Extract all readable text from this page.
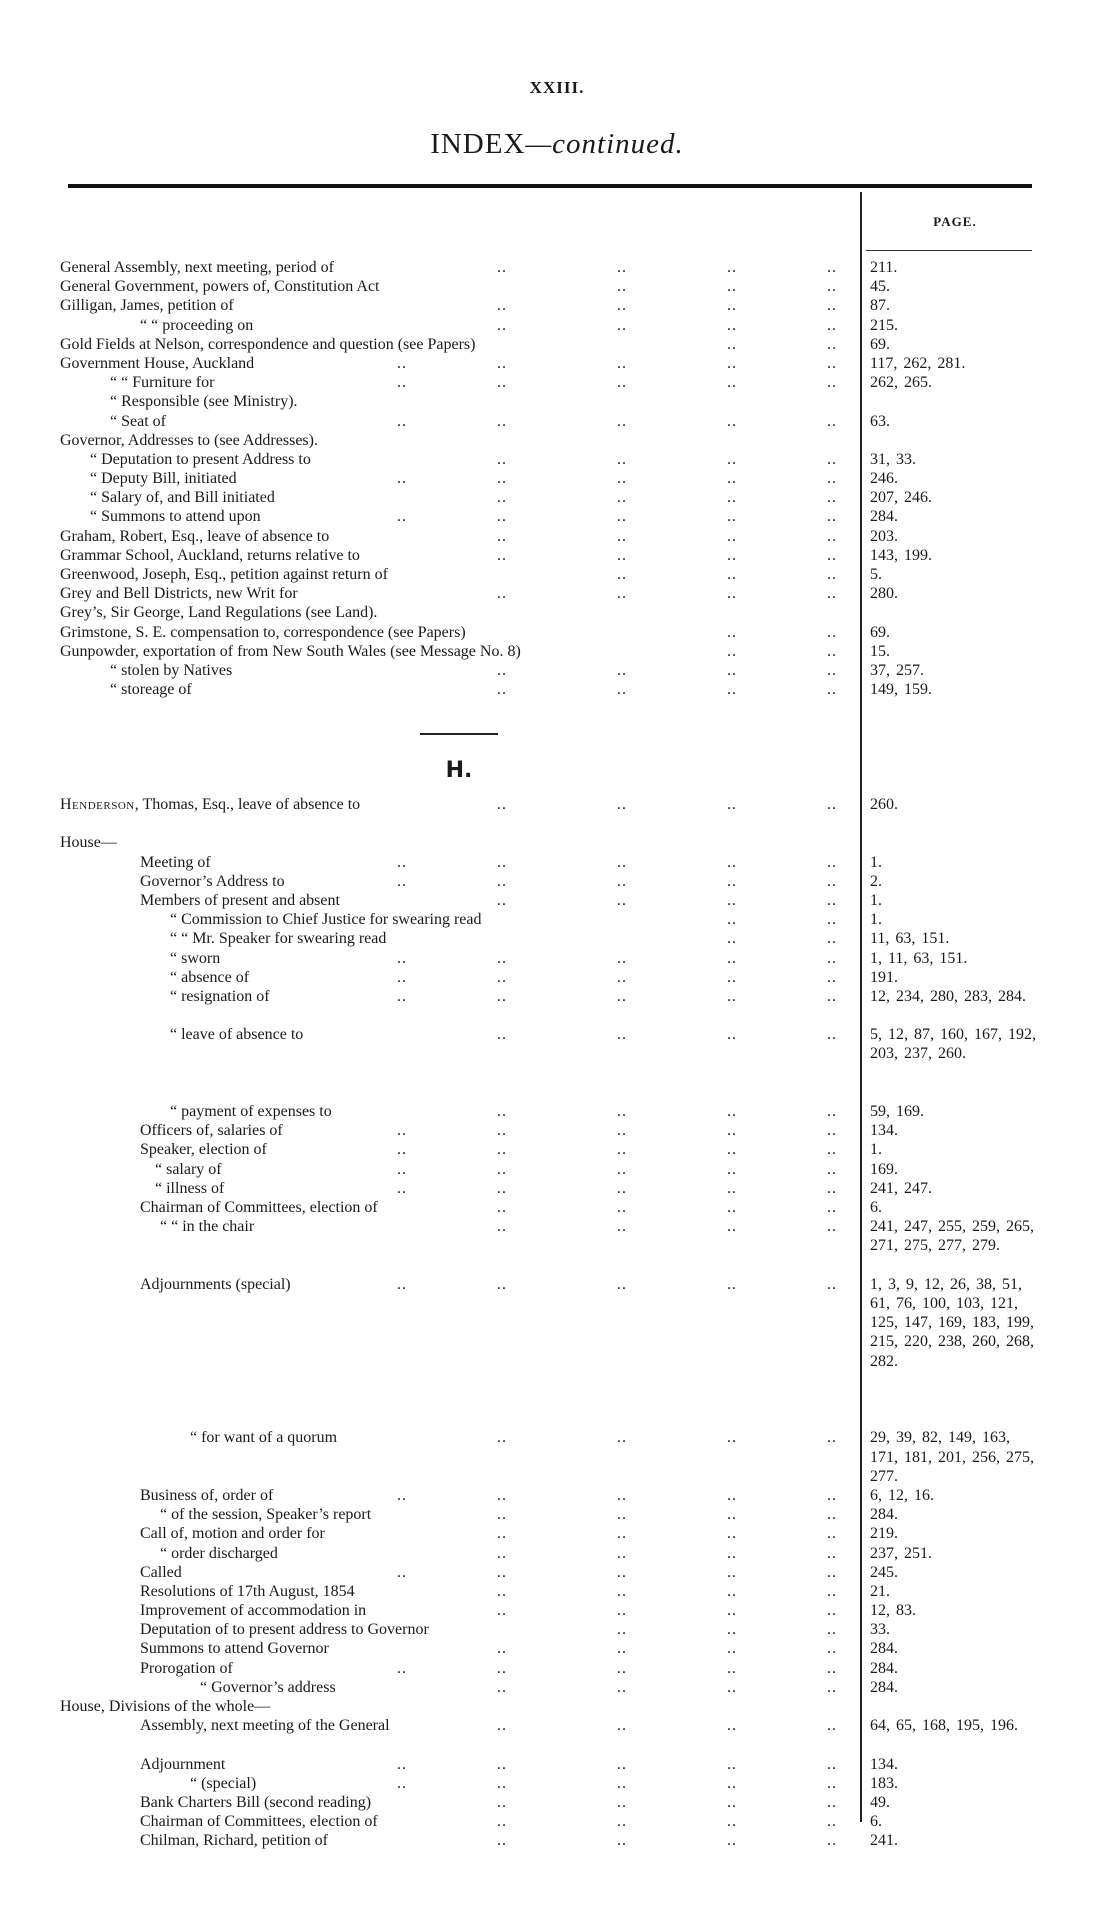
XXIII.
INDEX—continued.
PAGE.
General Assembly, next meeting, period of	..	..	..	..	211.
General Government, powers of, Constitution Act	..	..	..	45.
Gilligan, James, petition of	..	..	..	..	87.
“ “ proceeding on	..	..	..	..	215.
Gold Fields at Nelson, correspondence and question (see Papers)	..	..	69.
Government House, Auckland	..	..	..	..	..	117, 262, 281.
“ “ Furniture for	..	..	..	..	..	262, 265.
“ Responsible (see Ministry).
“ Seat of	..	..	..	..	..	63.
Governor, Addresses to (see Addresses).
“ Deputation to present Address to	..	..	..	..	31, 33.
“ Deputy Bill, initiated	..	..	..	..	..	246.
“ Salary of, and Bill initiated	..	..	..	..	207, 246.
“ Summons to attend upon	..	..	..	..	..	284.
Graham, Robert, Esq., leave of absence to	..	..	..	..	203.
Grammar School, Auckland, returns relative to	..	..	..	..	143, 199.
Greenwood, Joseph, Esq., petition against return of	..	..	..	5.
Grey and Bell Districts, new Writ for	..	..	..	..	280.
Grey’s, Sir George, Land Regulations (see Land).
Grimstone, S. E. compensation to, correspondence (see Papers)	..	..	69.
Gunpowder, exportation of from New South Wales (see Message No. 8)	..	..	15.
“ stolen by Natives	..	..	..	..	37, 257.
“ storeage of	..	..	..	..	149, 159.
H.
Henderson, Thomas, Esq., leave of absence to	..	..	..	..	260.
House—
Meeting of	..	..	..	..	..	1.
Governor’s Address to	..	..	..	..	..	2.
Members of present and absent	..	..	..	..	1.
“ Commission to Chief Justice for swearing read	..	..	1.
“ “ Mr. Speaker for swearing read	..	..	11, 63, 151.
“ sworn	..	..	..	..	..	1, 11, 63, 151.
“ absence of	..	..	..	..	..	191.
“ resignation of	..	..	..	..	..	12, 234, 280, 283, 284.
“ leave of absence to	..	..	..	..	5, 12, 87, 160, 167, 192, 203, 237, 260.
“ payment of expenses to	..	..	..	..	59, 169.
Officers of, salaries of	..	..	..	..	..	134.
Speaker, election of	..	..	..	..	..	1.
“ salary of	..	..	..	..	..	169.
“ illness of	..	..	..	..	..	241, 247.
Chairman of Committees, election of	..	..	..	..	6.
“ “ in the chair	..	..	..	..	241, 247, 255, 259, 265, 271, 275, 277, 279.
Adjournments (special)	..	..	..	..	..	1, 3, 9, 12, 26, 38, 51, 61, 76, 100, 103, 121, 125, 147, 169, 183, 199, 215, 220, 238, 260, 268, 282.
“ for want of a quorum	..	..	..	..	29, 39, 82, 149, 163, 171, 181, 201, 256, 275, 277.
Business of, order of	..	..	..	..	..	6, 12, 16.
“ of the session, Speaker’s report	..	..	..	..	284.
Call of, motion and order for	..	..	..	..	219.
“ order discharged	..	..	..	..	237, 251.
Called	..	..	..	..	..	245.
Resolutions of 17th August, 1854	..	..	..	..	21.
Improvement of accommodation in	..	..	..	..	12, 83.
Deputation of to present address to Governor	..	..	..	33.
Summons to attend Governor	..	..	..	..	284.
Prorogation of	..	..	..	..	..	284.
“ Governor’s address	..	..	..	..	284.
House, Divisions of the whole—
Assembly, next meeting of the General	..	..	..	..	64, 65, 168, 195, 196.
Adjournment	..	..	..	..	..	134.
“ (special)	..	..	..	..	..	183.
Bank Charters Bill (second reading)	..	..	..	..	49.
Chairman of Committees, election of	..	..	..	..	6.
Chilman, Richard, petition of	..	..	..	..	241.
